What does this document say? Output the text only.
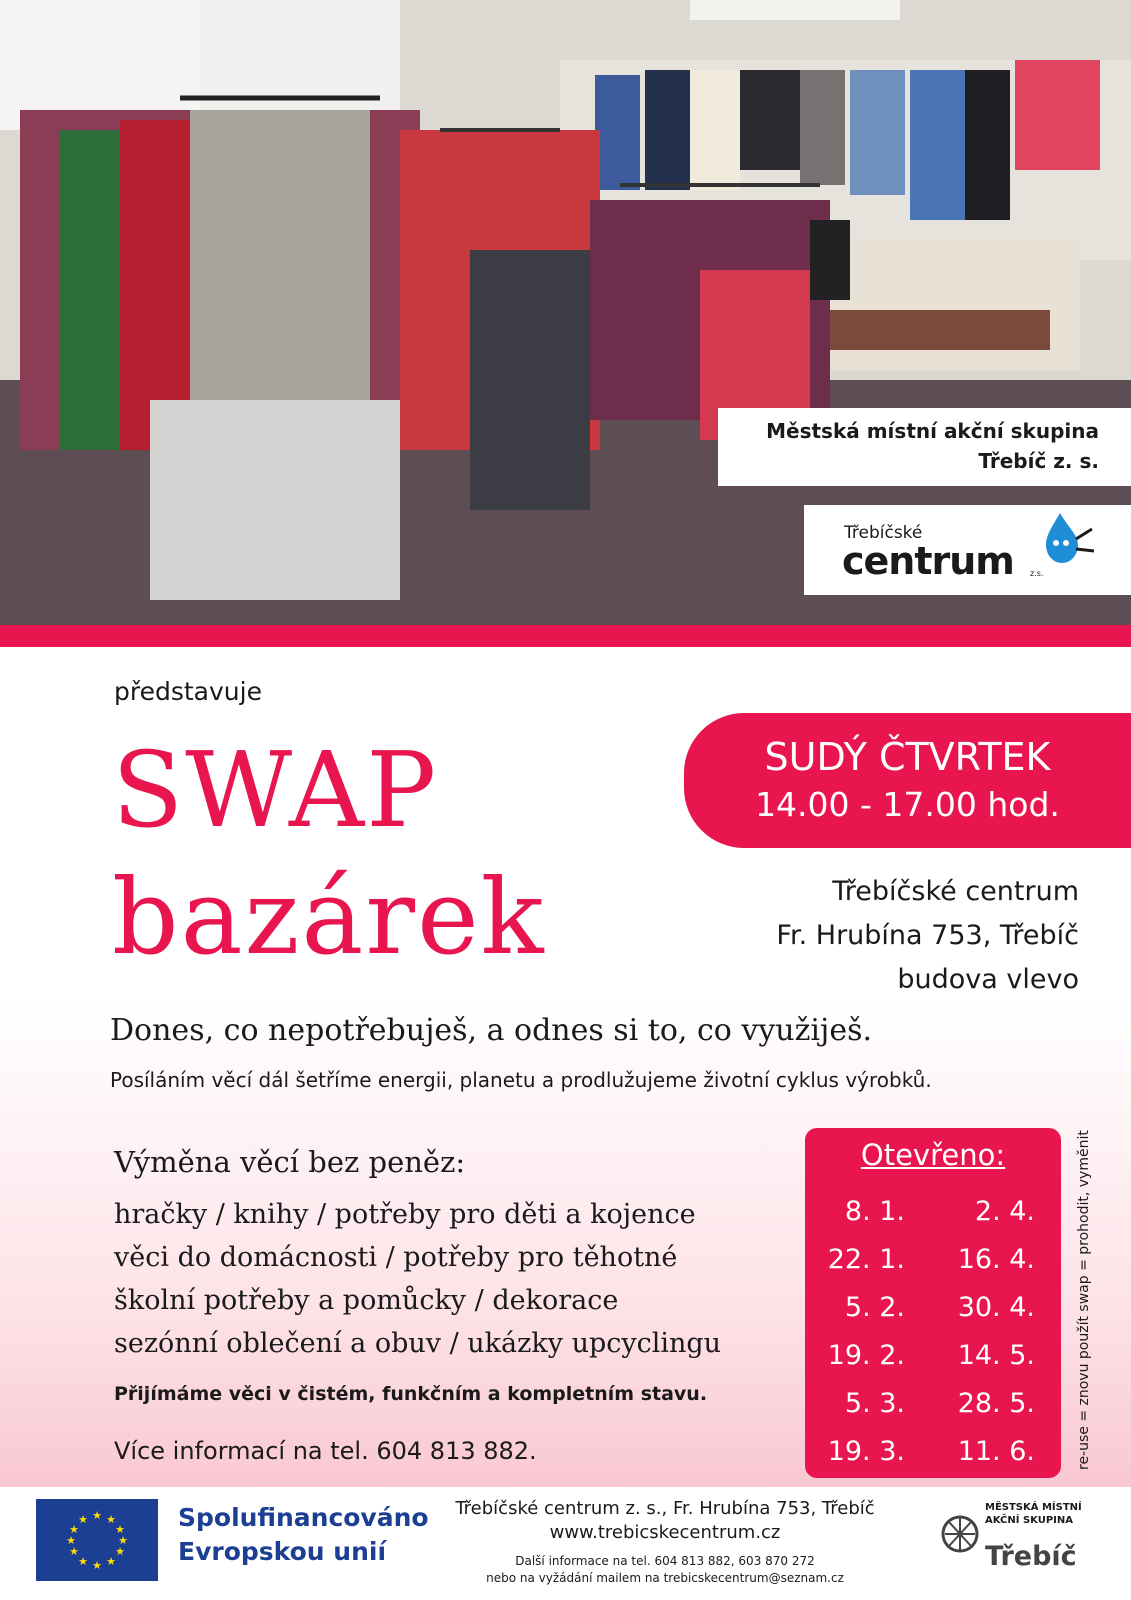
Městská místní akční skupina
Třebíč z. s.
Třebíčské
centrum z.s.
představuje
SWAP
bazárek
SUDÝ ČTVRTEK
14.00 - 17.00 hod.
Třebíčské centrum
Fr. Hrubína 753, Třebíč
budova vlevo
Dones, co nepotřebuješ, a odnes si to, co využiješ.
Posíláním věcí dál šetříme energii, planetu a prodlužujeme životní cyklus výrobků.
Výměna věcí bez peněz:
hračky / knihy / potřeby pro děti a kojence
věci do domácnosti / potřeby pro těhotné
školní potřeby a pomůcky / dekorace
sezónní oblečení a obuv / ukázky upcyclingu
Přijímáme věci v čistém, funkčním a kompletním stavu.
Více informací na tel. 604 813 882.
Otevřeno:
8. 1.
22. 1.
5. 2.
19. 2.
5. 3.
19. 3.
2. 4.
16. 4.
30. 4.
14. 5.
28. 5.
11. 6.	re-use = znovu použít swap = prohodit, vyměnit
★ ★
★
★
★
★
★
★
★
★
★
★	Spolufinancováno
Evropskou unií
Třebíčské centrum z. s., Fr. Hrubína 753, Třebíč
www.trebicskecentrum.cz
Další informace na tel. 604 813 882, 603 870 272
nebo na vyžádání mailem na trebicskecentrum@seznam.cz
MĚSTSKÁ MÍSTNÍ
AKČNÍ SKUPINA
Třebíč
